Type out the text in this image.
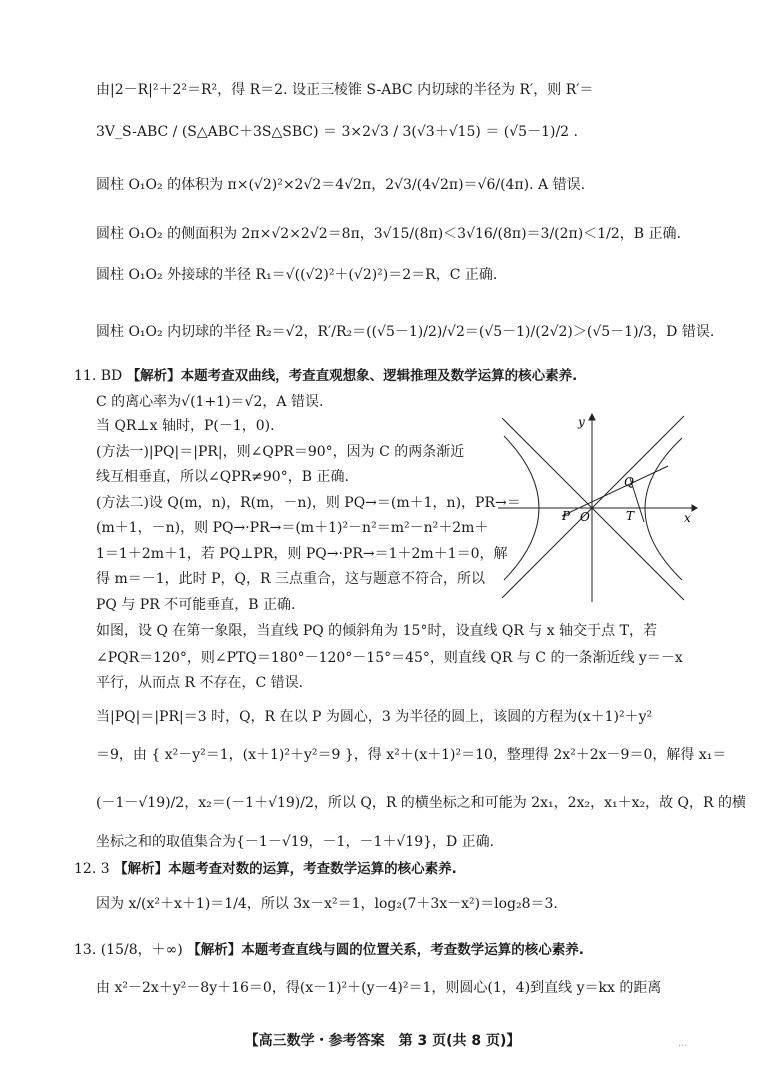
由|2－R|²＋2²＝R²，得 R＝2. 设正三棱锥 S-ABC 内切球的半径为 R′，则 R′＝
3V_S-ABC / (S△ABC＋3S△SBC) ＝ 3×2√3 / 3(√3＋√15) ＝ (√5－1)/2 .
圆柱 O₁O₂ 的体积为 π×(√2)²×2√2＝4√2π，2√3/(4√2π)＝√6/(4π). A 错误.
圆柱 O₁O₂ 的侧面积为 2π×√2×2√2＝8π，3√15/(8π)＜3√16/(8π)＝3/(2π)＜1/2，B 正确.
圆柱 O₁O₂ 外接球的半径 R₁＝√((√2)²＋(√2)²)＝2＝R，C 正确.
圆柱 O₁O₂ 内切球的半径 R₂＝√2，R′/R₂＝((√5－1)/2)/√2＝(√5－1)/(2√2)＞(√5－1)/3，D 错误.
11. BD 【解析】本题考查双曲线，考查直观想象、逻辑推理及数学运算的核心素养.
C 的离心率为√(1+1)＝√2，A 错误.
当 QR⊥x 轴时，P(－1，0).
(方法一)|PQ|＝|PR|，则∠QPR＝90°，因为 C 的两条渐近
线互相垂直，所以∠QPR≠90°，B 正确.
(方法二)设 Q(m，n)，R(m，－n)，则 PQ→＝(m＋1，n)，PR→＝
(m＋1，－n)，则 PQ→·PR→＝(m＋1)²－n²＝m²－n²＋2m＋
1＝1＋2m＋1，若 PQ⊥PR，则 PQ→·PR→＝1＋2m＋1＝0，解
得 m＝－1，此时 P，Q，R 三点重合，这与题意不符合，所以
PQ 与 PR 不可能垂直，B 正确.
y
x
Q
P O	T
如图，设 Q 在第一象限，当直线 PQ 的倾斜角为 15°时，设直线 QR 与 x 轴交于点 T，若
∠PQR＝120°，则∠PTQ＝180°－120°－15°＝45°，则直线 QR 与 C 的一条渐近线 y＝－x
平行，从而点 R 不存在，C 错误.
当|PQ|＝|PR|＝3 时，Q，R 在以 P 为圆心，3 为半径的圆上，该圆的方程为(x＋1)²＋y²
＝9，由 { x²－y²＝1，(x＋1)²＋y²＝9 }，得 x²＋(x＋1)²＝10，整理得 2x²＋2x－9＝0，解得 x₁＝
(－1－√19)/2，x₂＝(－1＋√19)/2，所以 Q，R 的横坐标之和可能为 2x₁，2x₂，x₁＋x₂，故 Q，R 的横
坐标之和的取值集合为{－1－√19，－1，－1＋√19}，D 正确.
12. 3 【解析】本题考查对数的运算，考查数学运算的核心素养.
因为 x/(x²＋x＋1)＝1/4，所以 3x－x²＝1，log₂(7＋3x－x²)＝log₂8＝3.
13. (15/8，＋∞) 【解析】本题考查直线与圆的位置关系，考查数学运算的核心素养.
由 x²－2x＋y²－8y＋16＝0，得(x－1)²＋(y－4)²＝1，则圆心(1，4)到直线 y＝kx 的距离
【高三数学・参考答案　第 3 页(共 8 页)】	...
